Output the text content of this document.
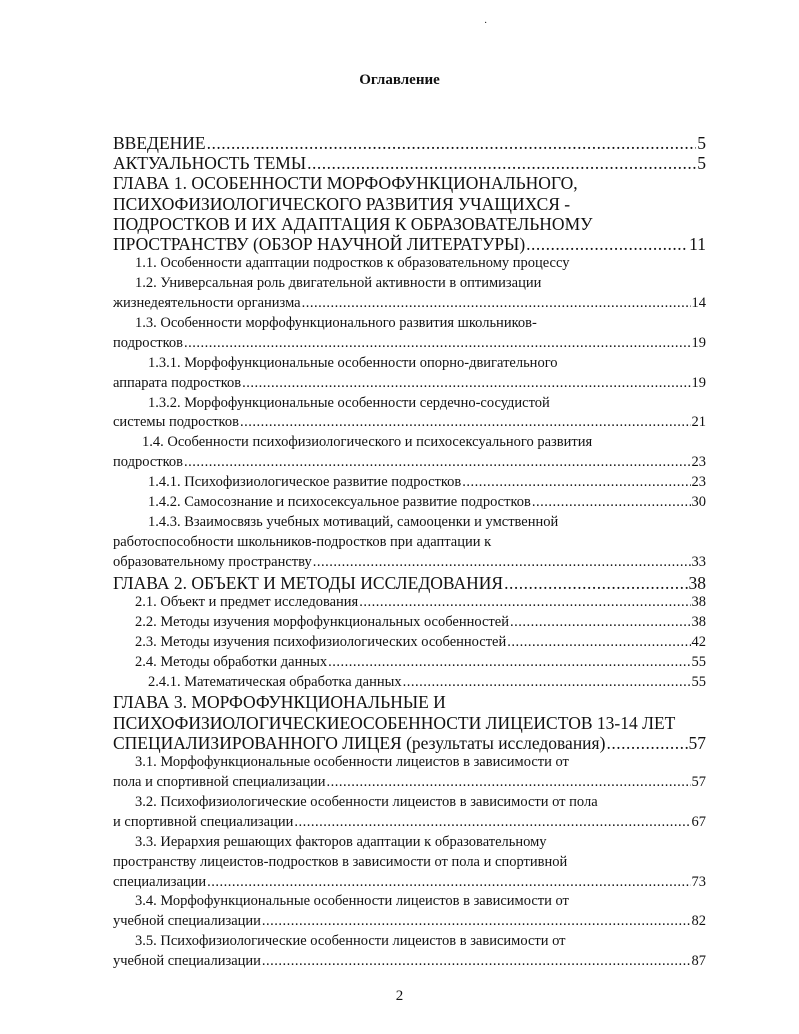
·
Оглавление
ВВЕДЕНИЕ .....	5
АКТУАЛЬНОСТЬ ТЕМЫ .....	5
ГЛАВА 1. ОСОБЕННОСТИ МОРФОФУНКЦИОНАЛЬНОГО,
ПСИХОФИЗИОЛОГИЧЕСКОГО РАЗВИТИЯ УЧАЩИХСЯ -
ПОДРОСТКОВ И ИХ АДАПТАЦИЯ К ОБРАЗОВАТЕЛЬНОМУ
ПРОСТРАНСТВУ (ОБЗОР НАУЧНОЙ ЛИТЕРАТУРЫ) .....	11
1.1. Особенности адаптации подростков к образовательному процессу
1.2. Универсальная роль двигательной активности в оптимизации
жизнедеятельности организма .....	14
1.3. Особенности морфофункционального развития школьников-
подростков .....	19
1.3.1. Морфофункциональные особенности опорно-двигательного
аппарата подростков .....	19
1.3.2. Морфофункциональные особенности сердечно-сосудистой
системы подростков .....	21
1.4. Особенности психофизиологического и психосексуального развития
подростков .....	23
1.4.1. Психофизиологическое развитие подростков .....	23
1.4.2. Самосознание и психосексуальное развитие подростков .....	30
1.4.3. Взаимосвязь учебных мотиваций, самооценки и умственной
работоспособности школьников-подростков при адаптации к
образовательному пространству .....	33
ГЛАВА 2. ОБЪЕКТ И МЕТОДЫ ИССЛЕДОВАНИЯ .....	38
2.1. Объект и предмет исследования .....	38
2.2. Методы изучения морфофункциональных особенностей .....	38
2.3. Методы изучения психофизиологических особенностей .....	42
2.4. Методы обработки данных .....	55
2.4.1. Математическая обработка данных .....	55
ГЛАВА 3. МОРФОФУНКЦИОНАЛЬНЫЕ И
ПСИХОФИЗИОЛОГИЧЕСКИЕОСОБЕННОСТИ ЛИЦЕИСТОВ 13-14 ЛЕТ
СПЕЦИАЛИЗИРОВАННОГО ЛИЦЕЯ (результаты исследования) .....	57
3.1. Морфофункциональные особенности лицеистов в зависимости от
пола и спортивной специализации .....	57
3.2. Психофизиологические особенности лицеистов в зависимости от пола
и спортивной специализации .....	67
3.3. Иерархия решающих факторов адаптации к образовательному
пространству лицеистов-подростков в зависимости от пола и спортивной
специализации .....	73
3.4. Морфофункциональные особенности лицеистов в зависимости от
учебной специализации .....	82
3.5. Психофизиологические особенности лицеистов в зависимости от
учебной специализации .....	87
2
